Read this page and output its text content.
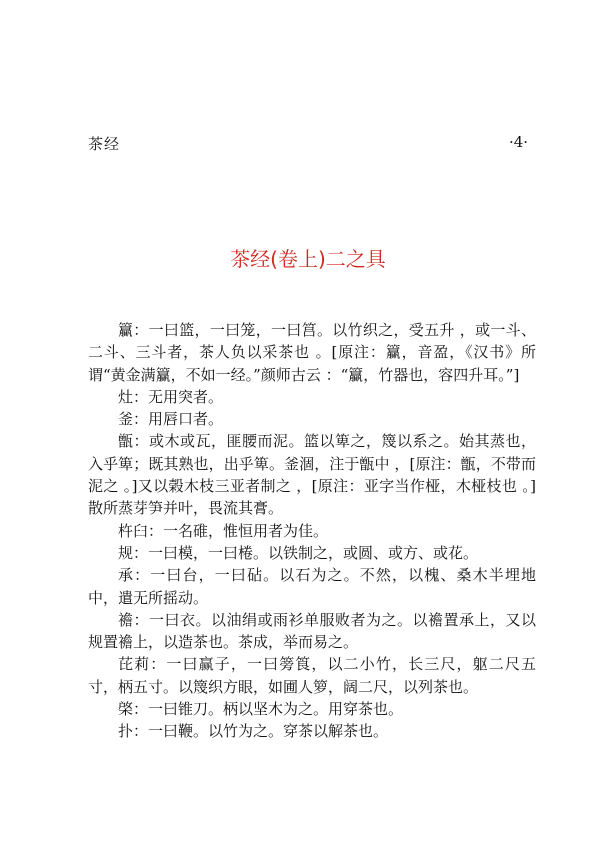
茶经	·4·
茶经(卷上)二之具

籯：一曰篮，一曰笼，一曰筥。以竹织之，受五升 ，或一斗、二斗、三斗者，茶人负以采茶也 。[原注：籯，音盈，《汉书》所谓“黄金满籯，不如一经。”颜师古云 ：“籯，竹器也，容四升耳。”]

灶：无用突者。

釜：用唇口者。

甑：或木或瓦，匪腰而泥。篮以箄之，篾以系之。始其蒸也，入乎箄；既其熟也，出乎箄。釜涸，注于甑中 ，[原注：甑，不带而泥之 。]又以榖木枝三亚者制之 ，[原注：亚字当作桠，木桠枝也 。]散所蒸芽笋并叶，畏流其膏。

杵臼：一名碓，惟恒用者为佳。

规：一曰模，一曰棬。以铁制之，或圆、或方、或花。

承：一曰台，一曰砧。以石为之。不然，以槐、桑木半埋地中，遣无所摇动。

襜：一曰衣。以油绢或雨衫单服败者为之。以襜置承上，又以规置襜上，以造茶也。茶成，举而易之。

芘莉：一曰赢子，一曰篣筤，以二小竹，长三尺，躯二尺五寸，柄五寸。以篾织方眼，如圃人箩，阔二尺，以列茶也。

棨：一曰锥刀。柄以坚木为之。用穿茶也。

扑：一曰鞭。以竹为之。穿茶以解茶也。
